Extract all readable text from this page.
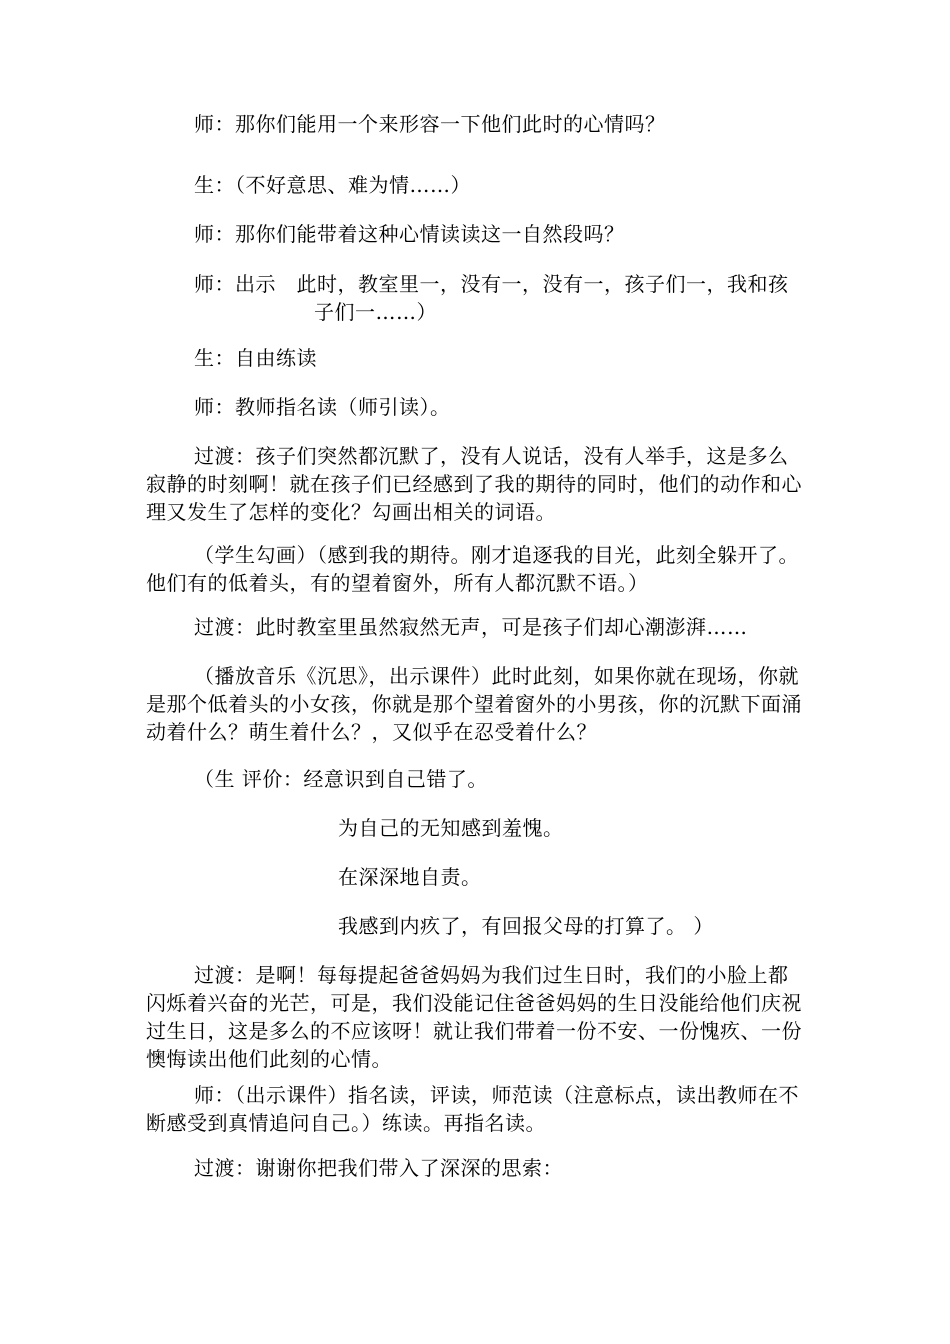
师：那你们能用一个来形容一下他们此时的心情吗？

生：（不好意思、难为情……）

师：那你们能带着这种心情读读这一自然段吗？

师：出示　此时，教室里一，没有一，没有一，孩子们一，我和孩子们一……）

生：自由练读

师：教师指名读（师引读）。

过渡：孩子们突然都沉默了，没有人说话，没有人举手，这是多么寂静的时刻啊！就在孩子们已经感到了我的期待的同时，他们的动作和心理又发生了怎样的变化？勾画出相关的词语。

（学生勾画）（感到我的期待。刚才追逐我的目光，此刻全躲开了。他们有的低着头，有的望着窗外，所有人都沉默不语。）

过渡：此时教室里虽然寂然无声，可是孩子们却心潮澎湃……

（播放音乐《沉思》，出示课件）此时此刻，如果你就在现场，你就是那个低着头的小女孩，你就是那个望着窗外的小男孩，你的沉默下面涌动着什么？萌生着什么？，又似乎在忍受着什么？

（生 评价：经意识到自己错了。

为自己的无知感到羞愧。

在深深地自责。

我感到内疚了，有回报父母的打算了。 ）

过渡：是啊！每每提起爸爸妈妈为我们过生日时，我们的小脸上都闪烁着兴奋的光芒，可是，我们没能记住爸爸妈妈的生日没能给他们庆祝过生日，这是多么的不应该呀！就让我们带着一份不安、一份愧疚、一份懊悔读出他们此刻的心情。

师：（出示课件）指名读，评读，师范读（注意标点，读出教师在不断感受到真情追问自己。）练读。再指名读。

过渡：谢谢你把我们带入了深深的思索：
